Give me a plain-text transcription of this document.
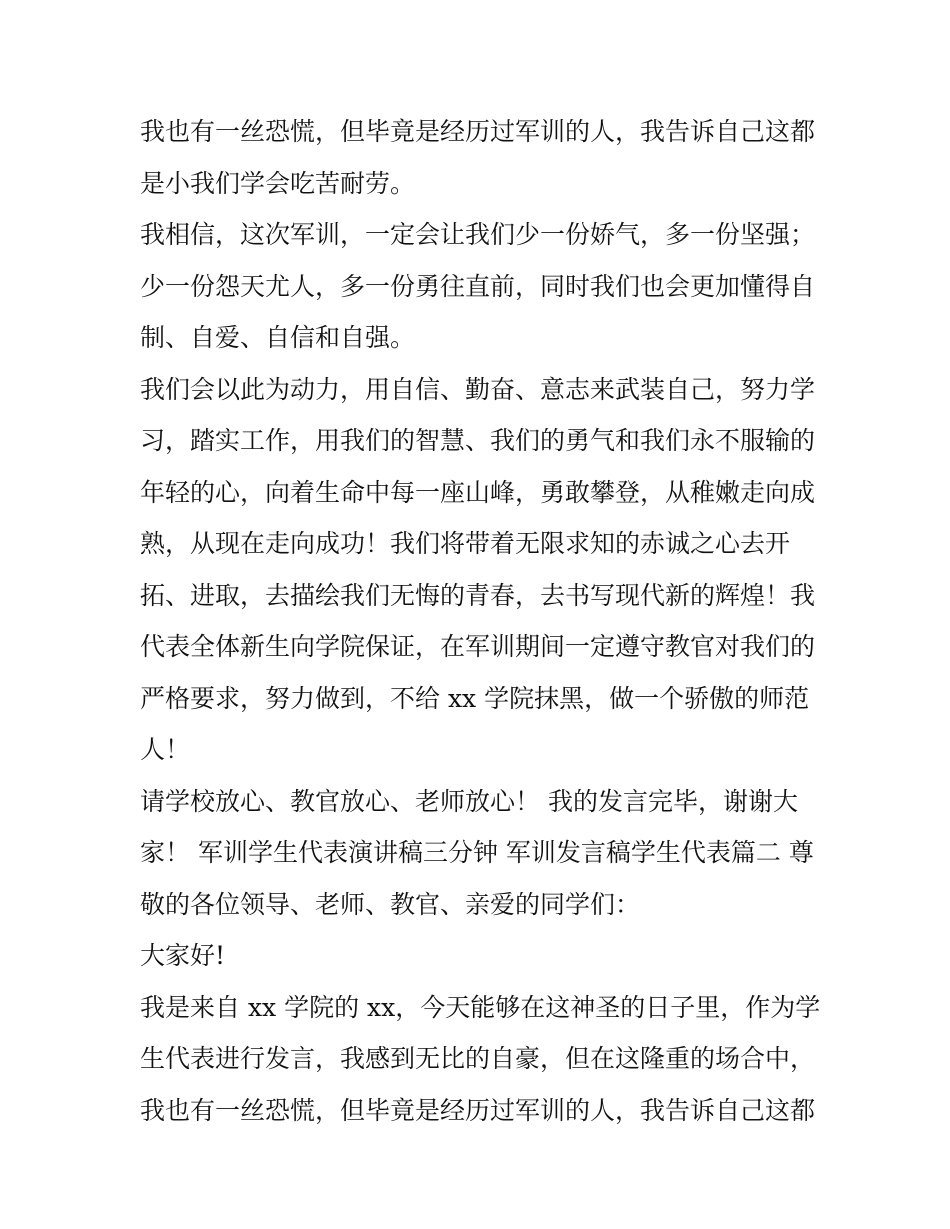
我也有一丝恐慌，但毕竟是经历过军训的人，我告诉自己这都
是小我们学会吃苦耐劳。
我相信，这次军训，一定会让我们少一份娇气，多一份坚强；
少一份怨天尤人，多一份勇往直前，同时我们也会更加懂得自
制、自爱、自信和自强。
我们会以此为动力，用自信、勤奋、意志来武装自己，努力学
习，踏实工作，用我们的智慧、我们的勇气和我们永不服输的
年轻的心，向着生命中每一座山峰，勇敢攀登，从稚嫩走向成
熟，从现在走向成功！我们将带着无限求知的赤诚之心去开
拓、进取，去描绘我们无悔的青春，去书写现代新的辉煌！我
代表全体新生向学院保证，在军训期间一定遵守教官对我们的
严格要求，努力做到，不给 xx 学院抹黑，做一个骄傲的师范
人！
请学校放心、教官放心、老师放心！ 我的发言完毕，谢谢大
家！ 军训学生代表演讲稿三分钟 军训发言稿学生代表篇二 尊
敬的各位领导、老师、教官、亲爱的同学们：
大家好!
我是来自 xx 学院的 xx，今天能够在这神圣的日子里，作为学
生代表进行发言，我感到无比的自豪，但在这隆重的场合中，
我也有一丝恐慌，但毕竟是经历过军训的人，我告诉自己这都
